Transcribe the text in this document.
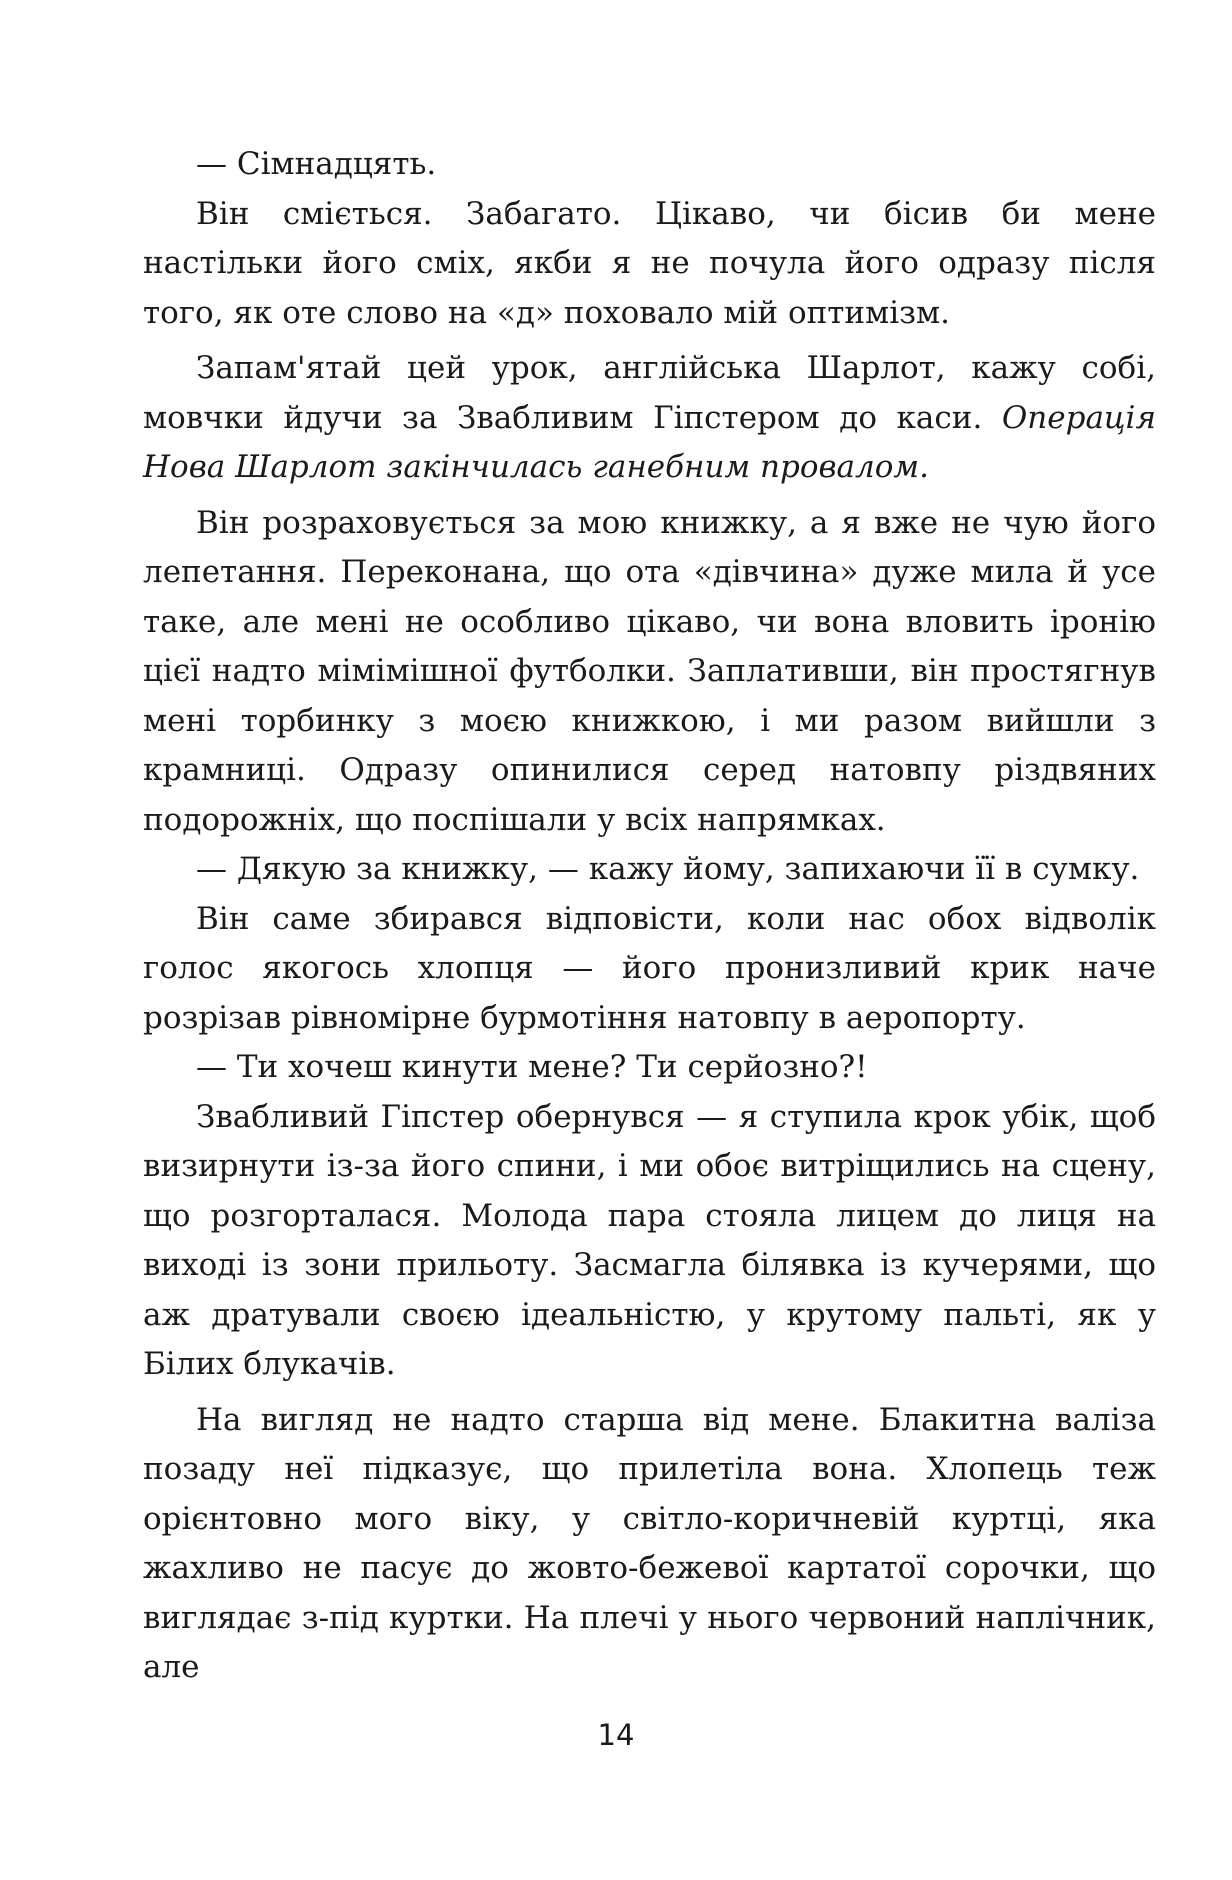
— Сімнадцять.

Він сміється. Забагато. Цікаво, чи бісив би мене настільки його сміх, якби я не почула його одразу після того, як оте слово на «д» поховало мій оптимізм.

Запам'ятай цей урок, англійська Шарлот, кажу собі, мовчки йдучи за Звабливим Гіпстером до каси. Операція Нова Шарлот закінчилась ганебним провалом.

Він розраховується за мою книжку, а я вже не чую його лепетання. Переконана, що ота «дівчина» дуже мила й усе таке, але мені не особливо цікаво, чи вона вловить іронію цієї надто мімімішної футболки. Заплативши, він простягнув мені торбинку з моєю книжкою, і ми разом вийшли з крамниці. Одразу опинилися серед натовпу різдвяних подорожніх, що поспішали у всіх напрямках.

— Дякую за книжку, — кажу йому, запихаючи її в сумку.

Він саме збирався відповісти, коли нас обох відволік голос якогось хлопця — його пронизливий крик наче розрізав рівномірне бурмотіння натовпу в аеропорту.

— Ти хочеш кинути мене? Ти серйозно?!

Звабливий Гіпстер обернувся — я ступила крок убік, щоб визирнути із-за його спини, і ми обоє витріщились на сцену, що розгорталася. Молода пара стояла лицем до лиця на виході із зони прильоту. Засмагла білявка із кучерями, що аж дратували своєю ідеальністю, у крутому пальті, як у Білих блукачів.

На вигляд не надто старша від мене. Блакитна валіза позаду неї підказує, що прилетіла вона. Хлопець теж орієнтовно мого віку, у світло-коричневій куртці, яка жахливо не пасує до жовто-бежевої картатої сорочки, що виглядає з-під куртки. На плечі у нього червоний наплічник, але

14
